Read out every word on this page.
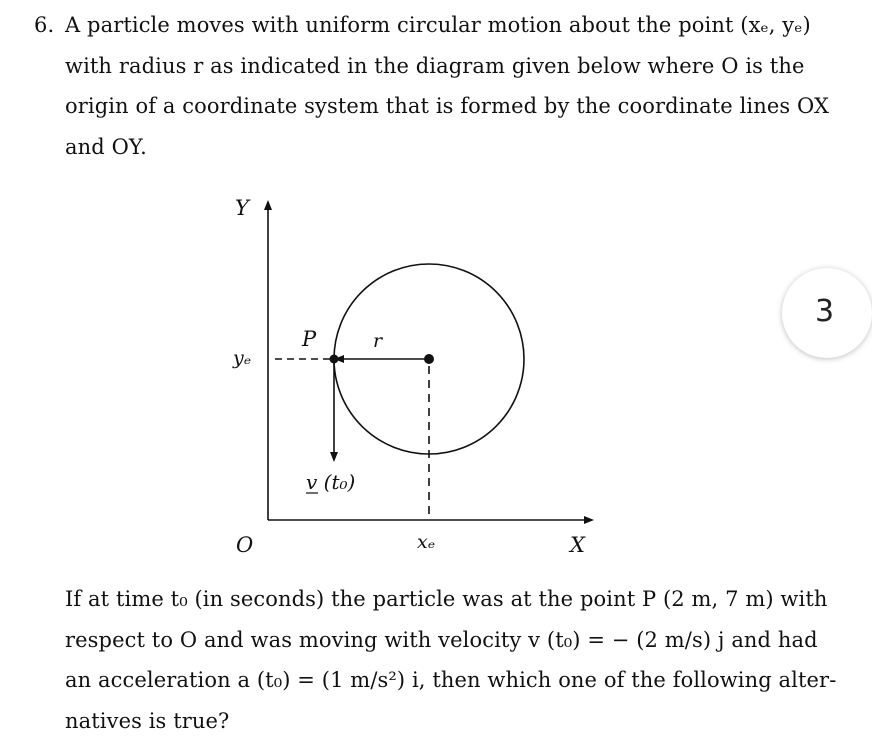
6. A particle moves with uniform circular motion about the point (xₑ, yₑ)
with radius r as indicated in the diagram given below where O is the
origin of a coordinate system that is formed by the coordinate lines OX
and OY.
Y
X
O
yₑ
xₑ
P	r
v (t₀)
If at time t₀ (in seconds) the particle was at the point P (2 m, 7 m) with
respect to O and was moving with velocity v (t₀) = − (2 m/s) j and had
an acceleration a (t₀) = (1 m/s²) i, then which one of the following alter-
natives is true?
3
